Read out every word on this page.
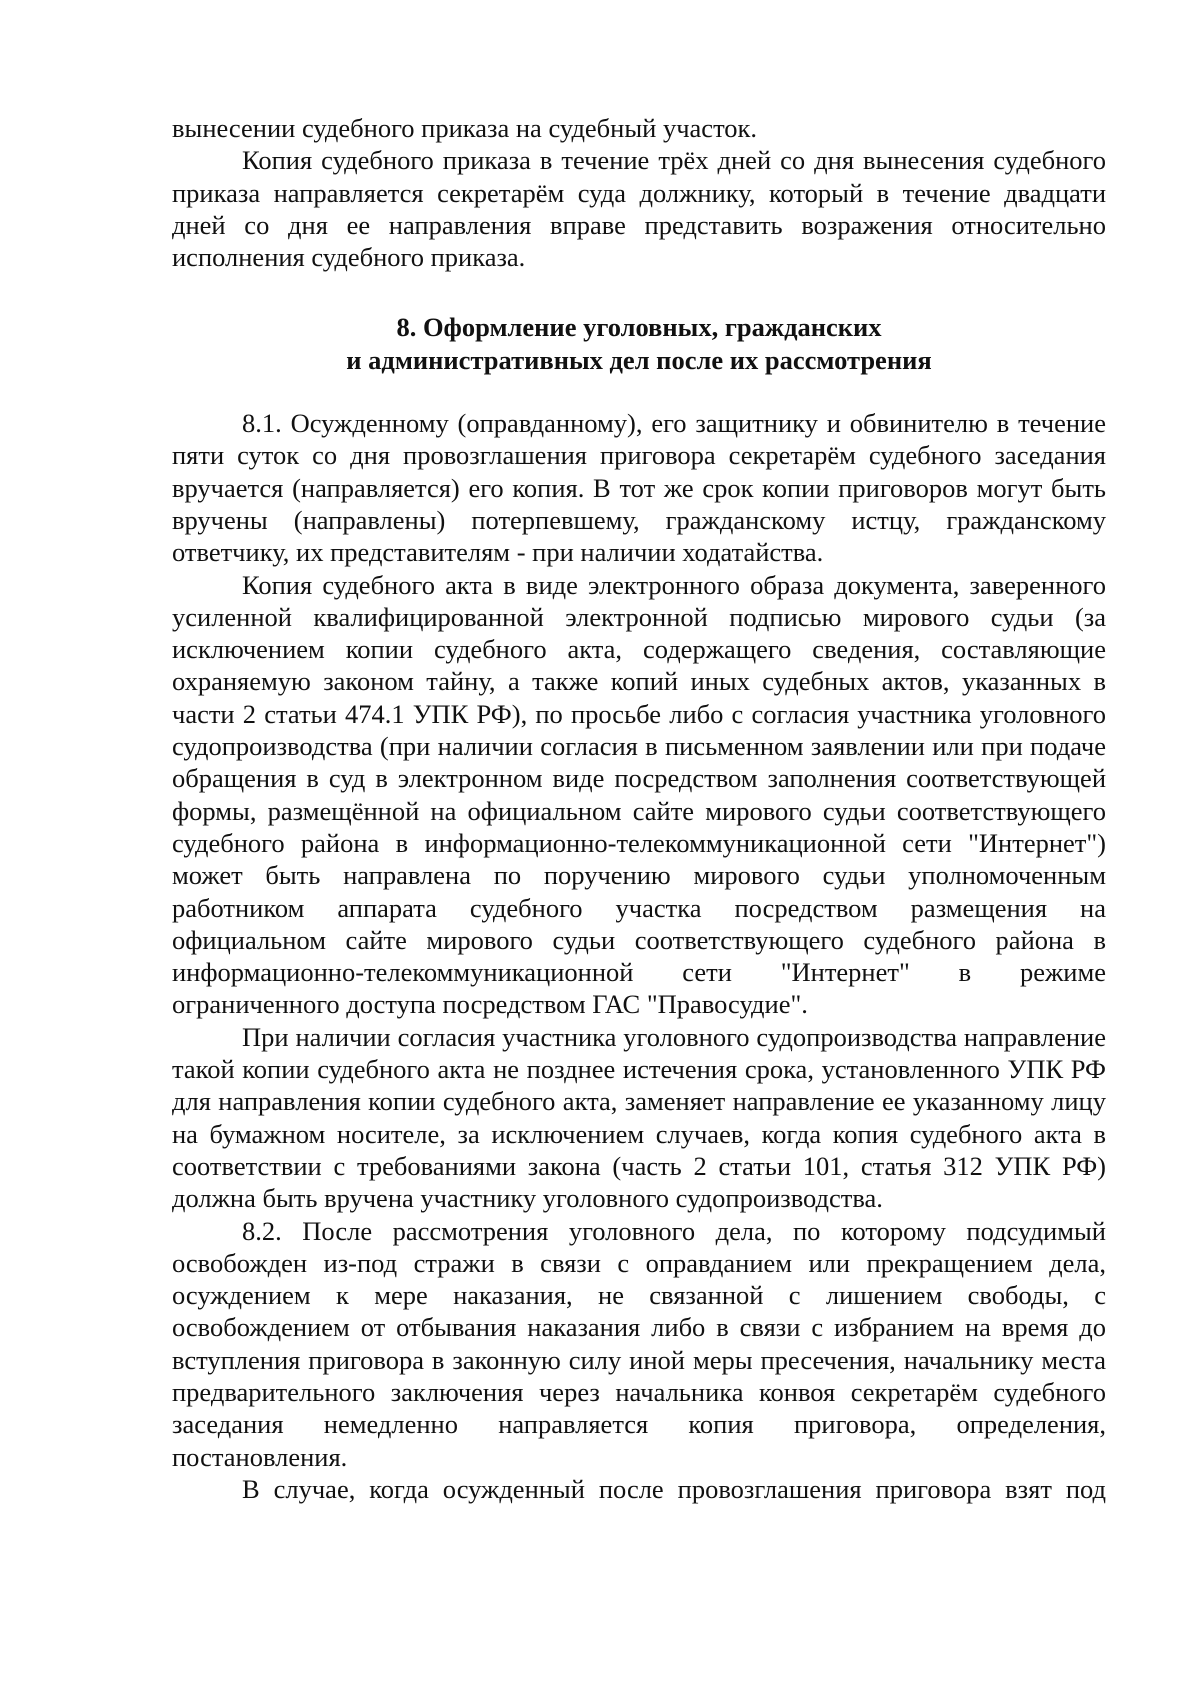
вынесении судебного приказа на судебный участок.

Копия судебного приказа в течение трёх дней со дня вынесения судебного приказа направляется секретарём суда должнику, который в течение двадцати дней со дня ее направления вправе представить возражения относительно исполнения судебного приказа.

8. Оформление уголовных, гражданских
и административных дел после их рассмотрения

8.1. Осужденному (оправданному), его защитнику и обвинителю в течение пяти суток со дня провозглашения приговора секретарём судебного заседания вручается (направляется) его копия. В тот же срок копии приговоров могут быть вручены (направлены) потерпевшему, гражданскому истцу, гражданскому ответчику, их представителям - при наличии ходатайства.

Копия судебного акта в виде электронного образа документа, заверенного усиленной квалифицированной электронной подписью мирового судьи (за исключением копии судебного акта, содержащего сведения, составляющие охраняемую законом тайну, а также копий иных судебных актов, указанных в части 2 статьи 474.1 УПК РФ), по просьбе либо с согласия участника уголовного судопроизводства (при наличии согласия в письменном заявлении или при подаче обращения в суд в электронном виде посредством заполнения соответствующей формы, размещённой на официальном сайте мирового судьи соответствующего судебного района в информационно-телекоммуникационной сети "Интернет") может быть направлена по поручению мирового судьи уполномоченным работником аппарата судебного участка посредством размещения на официальном сайте мирового судьи соответствующего судебного района в информационно-телекоммуникационной сети "Интернет" в режиме ограниченного доступа посредством ГАС "Правосудие".

При наличии согласия участника уголовного судопроизводства направление такой копии судебного акта не позднее истечения срока, установленного УПК РФ для направления копии судебного акта, заменяет направление ее указанному лицу на бумажном носителе, за исключением случаев, когда копия судебного акта в соответствии с требованиями закона (часть 2 статьи 101, статья 312 УПК РФ) должна быть вручена участнику уголовного судопроизводства.

8.2. После рассмотрения уголовного дела, по которому подсудимый освобожден из-под стражи в связи с оправданием или прекращением дела, осуждением к мере наказания, не связанной с лишением свободы, с освобождением от отбывания наказания либо в связи с избранием на время до вступления приговора в законную силу иной меры пресечения, начальнику места предварительного заключения через начальника конвоя секретарём судебного заседания немедленно направляется копия приговора, определения, постановления.

В случае, когда осужденный после провозглашения приговора взят под
